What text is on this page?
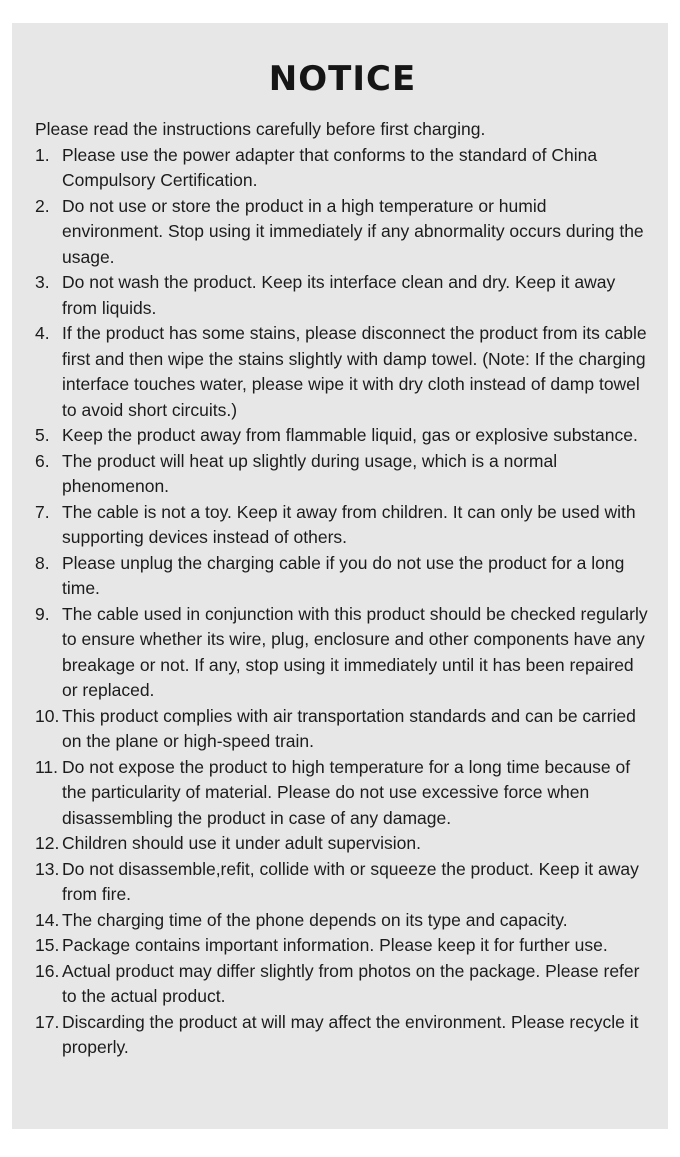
NOTICE

Please read the instructions carefully before first charging.

1. Please use the power adapter that conforms to the standard of China Compulsory Certification.
2. Do not use or store the product in a high temperature or humid environment. Stop using it immediately if any abnormality occurs during the usage.
3. Do not wash the product. Keep its interface clean and dry. Keep it away from liquids.
4. If the product has some stains, please disconnect the product from its cable first and then wipe the stains slightly with damp towel. (Note: If the charging interface touches water, please wipe it with dry cloth instead of damp towel to avoid short circuits.)
5. Keep the product away from flammable liquid, gas or explosive substance.
6. The product will heat up slightly during usage, which is a normal phenomenon.
7. The cable is not a toy. Keep it away from children. It can only be used with supporting devices instead of others.
8. Please unplug the charging cable if you do not use the product for a long time.
9. The cable used in conjunction with this product should be checked regularly to ensure whether its wire, plug, enclosure and other components have any breakage or not. If any, stop using it immediately until it has been repaired or replaced.
10. This product complies with air transportation standards and can be carried on the plane or high-speed train.
11. Do not expose the product to high temperature for a long time because of the particularity of material. Please do not use excessive force when disassembling the product in case of any damage.
12. Children should use it under adult supervision.
13. Do not disassemble,refit, collide with or squeeze the product. Keep it away from fire.
14. The charging time of the phone depends on its type and capacity.
15. Package contains important information. Please keep it for further use.
16. Actual product may differ slightly from photos on the package. Please refer to the actual product.
17. Discarding the product at will may affect the environment. Please recycle it properly.
